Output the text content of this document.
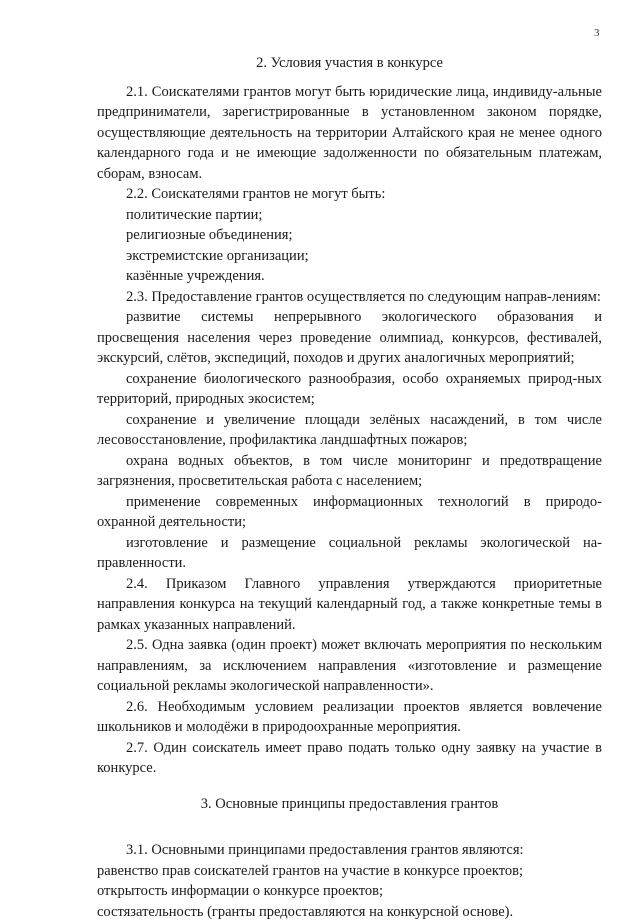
3
2. Условия участия в конкурсе

2.1. Соискателями грантов могут быть юридические лица, индивиду-альные предприниматели, зарегистрированные в установленном законом порядке, осуществляющие деятельность на территории Алтайского края не менее одного календарного года и не имеющие задолженности по обязательным платежам, сборам, взносам.

2.2. Соискателями грантов не могут быть:

политические партии;

религиозные объединения;

экстремистские организации;

казённые учреждения.

2.3. Предоставление грантов осуществляется по следующим направ-лениям:

развитие системы непрерывного экологического образования и просвещения населения через проведение олимпиад, конкурсов, фестивалей, экскурсий, слётов, экспедиций, походов и других аналогичных мероприятий;

сохранение биологического разнообразия, особо охраняемых природ-ных территорий, природных экосистем;

сохранение и увеличение площади зелёных насаждений, в том числе лесовосстановление, профилактика ландшафтных пожаров;

охрана водных объектов, в том числе мониторинг и предотвращение загрязнения, просветительская работа с населением;

применение современных информационных технологий в природо-охранной деятельности;

изготовление и размещение социальной рекламы экологической на-правленности.

2.4. Приказом Главного управления утверждаются приоритетные направления конкурса на текущий календарный год, а также конкретные темы в рамках указанных направлений.

2.5. Одна заявка (один проект) может включать мероприятия по нескольким направлениям, за исключением направления «изготовление и размещение социальной рекламы экологической направленности».

2.6. Необходимым условием реализации проектов является вовлечение школьников и молодёжи в природоохранные мероприятия.

2.7. Один соискатель имеет право подать только одну заявку на участие в конкурсе.

3. Основные принципы предоставления грантов

3.1. Основными принципами предоставления грантов являются:

равенство прав соискателей грантов на участие в конкурсе проектов;

открытость информации о конкурсе проектов;

состязательность (гранты предоставляются на конкурсной основе).
